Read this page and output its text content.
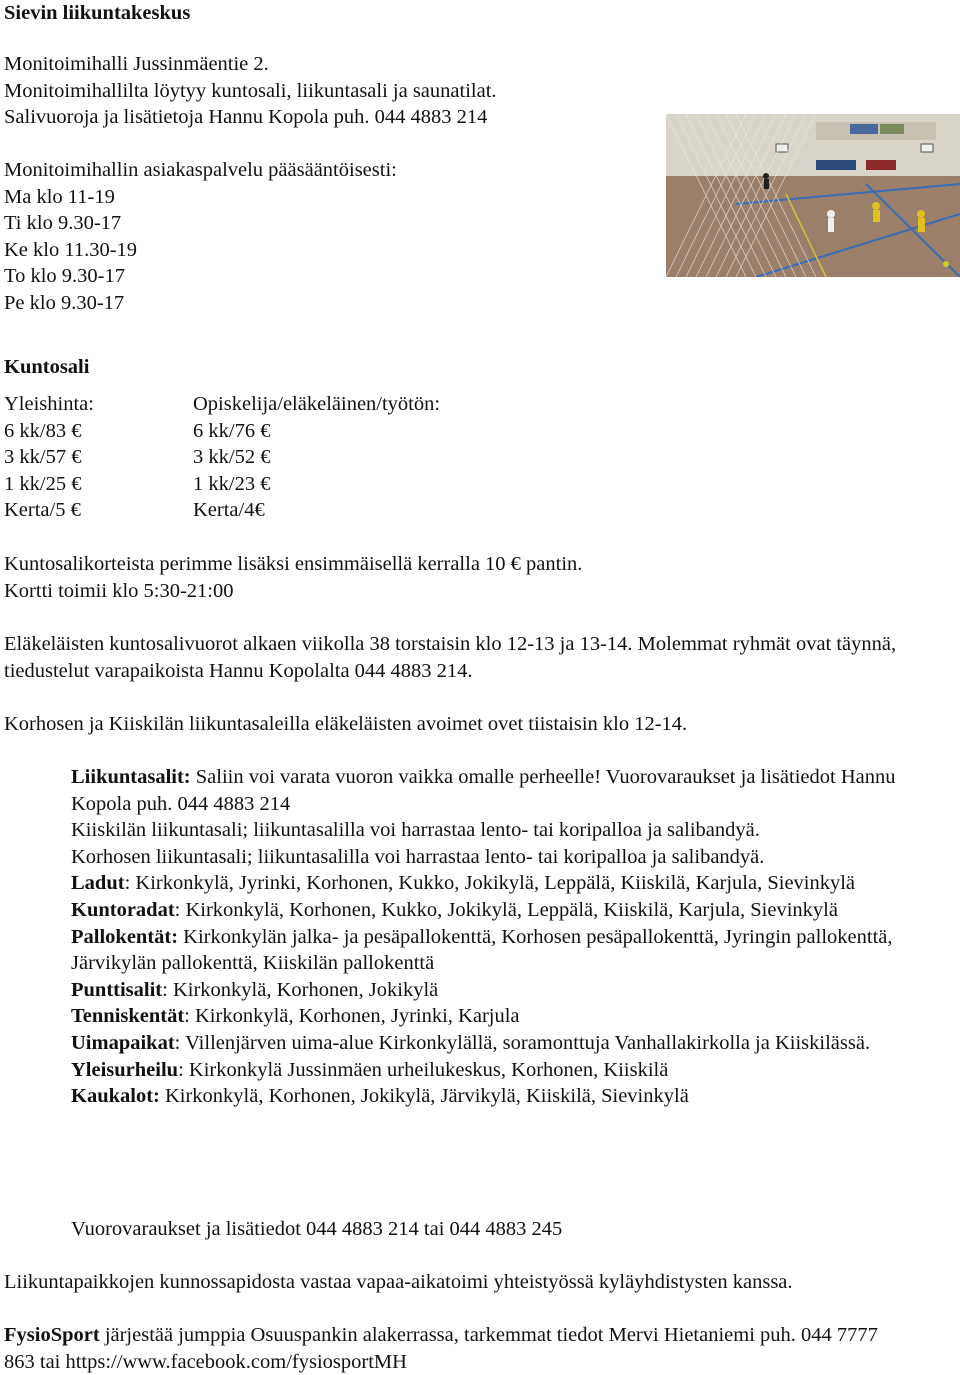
Sievin liikuntakeskus
Monitoimihalli Jussinmäentie 2.
Monitoimihallilta löytyy kuntosali, liikuntasali ja saunatilat.
Salivuoroja ja lisätietoja Hannu Kopola puh. 044 4883 214
Monitoimihallin asiakaspalvelu pääsääntöisesti:
Ma klo 11-19
Ti klo 9.30-17
Ke klo 11.30-19
To klo 9.30-17
Pe klo 9.30-17
Kuntosali
Yleishinta:	Opiskelija/eläkeläinen/työtön:
6 kk/83 €	6 kk/76 €
3 kk/57 €	3 kk/52 €
1 kk/25 €	1 kk/23 €
Kerta/5 €	Kerta/4€
Kuntosalikorteista perimme lisäksi ensimmäisellä kerralla 10 € pantin.
Kortti toimii klo 5:30-21:00
Eläkeläisten kuntosalivuorot alkaen viikolla 38 torstaisin klo 12-13 ja 13-14. Molemmat ryhmät ovat täynnä, tiedustelut varapaikoista Hannu Kopolalta 044 4883 214.
Korhosen ja Kiiskilän liikuntasaleilla eläkeläisten avoimet ovet tiistaisin klo 12-14.
Liikuntasalit: Saliin voi varata vuoron vaikka omalle perheelle! Vuorovaraukset ja lisätiedot Hannu Kopola puh. 044 4883 214
Kiiskilän liikuntasali; liikuntasalilla voi harrastaa lento- tai koripalloa ja salibandyä.
Korhosen liikuntasali; liikuntasalilla voi harrastaa lento- tai koripalloa ja salibandyä.
Ladut: Kirkonkylä, Jyrinki, Korhonen, Kukko, Jokikylä, Leppälä, Kiiskilä, Karjula, Sievinkylä
Kuntoradat: Kirkonkylä, Korhonen, Kukko, Jokikylä, Leppälä, Kiiskilä, Karjula, Sievinkylä
Pallokentät: Kirkonkylän jalka- ja pesäpallokenttä, Korhosen pesäpallokenttä, Jyringin pallokenttä, Järvikylän pallokenttä, Kiiskilän pallokenttä
Punttisalit: Kirkonkylä, Korhonen, Jokikylä
Tenniskentät: Kirkonkylä, Korhonen, Jyrinki, Karjula
Uimapaikat: Villenjärven uima-alue Kirkonkylällä, soramonttuja Vanhallakirkolla ja Kiiskilässä.
Yleisurheilu: Kirkonkylä Jussinmäen urheilukeskus, Korhonen, Kiiskilä
Kaukalot: Kirkonkylä, Korhonen, Jokikylä, Järvikylä, Kiiskilä, Sievinkylä
Vuorovaraukset ja lisätiedot 044 4883 214 tai 044 4883 245
Liikuntapaikkojen kunnossapidosta vastaa vapaa-aikatoimi yhteistyössä kyläyhdistysten kanssa.
FysioSport järjestää jumppia Osuuspankin alakerrassa, tarkemmat tiedot Mervi Hietaniemi puh. 044 7777 863 tai https://www.facebook.com/fysiosportMH
